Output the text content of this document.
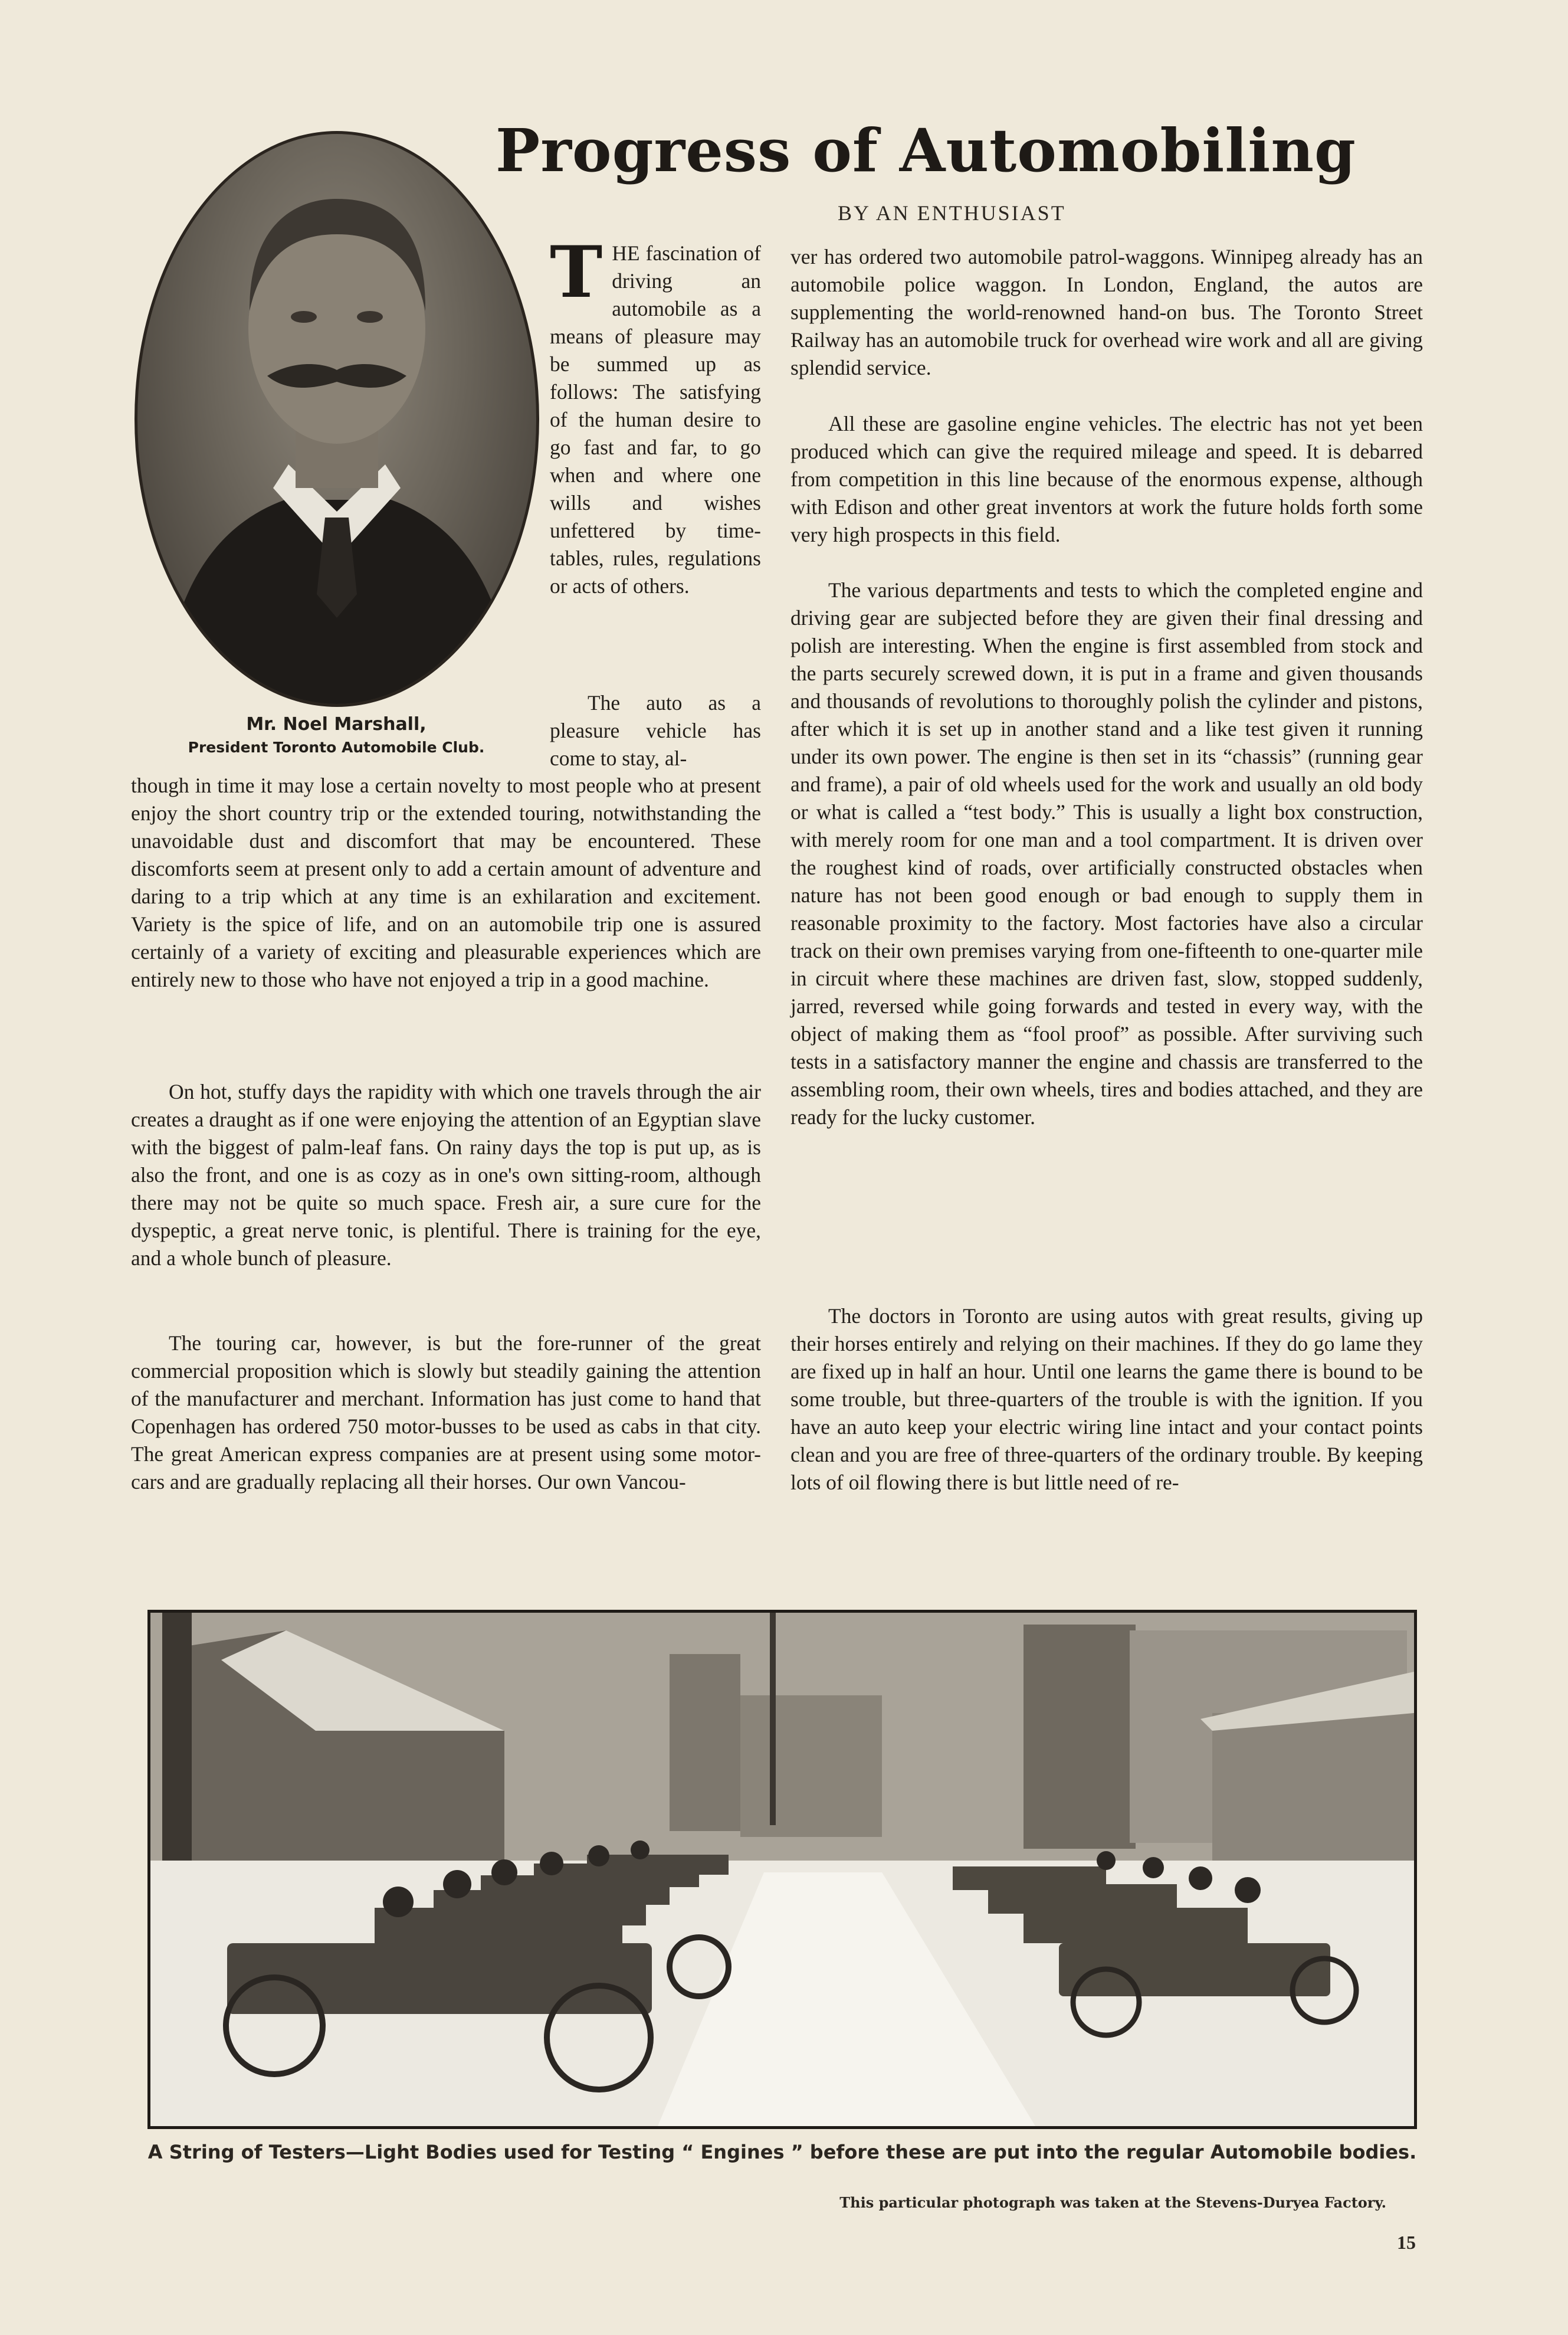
Progress of Automobiling
BY AN ENTHUSIAST
Mr. Noel Marshall,
President Toronto Automobile Club.

THE fascination of driving an automobile as a means of pleasure may be summed up as follows: The satisfying of the human desire to go fast and far, to go when and where one wills and wishes unfettered by time-tables, rules, regulations or acts of others.

The auto as a pleasure vehicle has come to stay, al-

though in time it may lose a certain novelty to most people who at present enjoy the short country trip or the extended touring, notwithstanding the unavoidable dust and discomfort that may be encountered. These discomforts seem at present only to add a certain amount of adventure and daring to a trip which at any time is an exhilaration and excitement. Variety is the spice of life, and on an automobile trip one is assured certainly of a variety of exciting and pleasurable experiences which are entirely new to those who have not enjoyed a trip in a good machine.

On hot, stuffy days the rapidity with which one travels through the air creates a draught as if one were enjoying the attention of an Egyptian slave with the biggest of palm-leaf fans. On rainy days the top is put up, as is also the front, and one is as cozy as in one's own sitting-room, although there may not be quite so much space. Fresh air, a sure cure for the dyspeptic, a great nerve tonic, is plentiful. There is training for the eye, and a whole bunch of pleasure.

The touring car, however, is but the fore-runner of the great commercial proposition which is slowly but steadily gaining the attention of the manufacturer and merchant. Information has just come to hand that Copenhagen has ordered 750 motor-busses to be used as cabs in that city. The great American express companies are at present using some motor-cars and are gradually replacing all their horses. Our own Vancou-

ver has ordered two automobile patrol-waggons. Winnipeg already has an automobile police waggon. In London, England, the autos are supplementing the world-renowned hand-on bus. The Toronto Street Railway has an automobile truck for overhead wire work and all are giving splendid service.

All these are gasoline engine vehicles. The electric has not yet been produced which can give the required mileage and speed. It is debarred from competition in this line because of the enormous expense, although with Edison and other great inventors at work the future holds forth some very high prospects in this field.

The various departments and tests to which the completed engine and driving gear are subjected before they are given their final dressing and polish are interesting. When the engine is first assembled from stock and the parts securely screwed down, it is put in a frame and given thousands and thousands of revolutions to thoroughly polish the cylinder and pistons, after which it is set up in another stand and a like test given it running under its own power. The engine is then set in its “chassis” (running gear and frame), a pair of old wheels used for the work and usually an old body or what is called a “test body.” This is usually a light box construction, with merely room for one man and a tool compartment. It is driven over the roughest kind of roads, over artificially constructed obstacles when nature has not been good enough or bad enough to supply them in reasonable proximity to the factory. Most factories have also a circular track on their own premises varying from one-fifteenth to one-quarter mile in circuit where these machines are driven fast, slow, stopped suddenly, jarred, reversed while going forwards and tested in every way, with the object of making them as “fool proof” as possible. After surviving such tests in a satisfactory manner the engine and chassis are transferred to the assembling room, their own wheels, tires and bodies attached, and they are ready for the lucky customer.

The doctors in Toronto are using autos with great results, giving up their horses entirely and relying on their machines. If they do go lame they are fixed up in half an hour. Until one learns the game there is bound to be some trouble, but three-quarters of the trouble is with the ignition. If you have an auto keep your electric wiring line intact and your contact points clean and you are free of three-quarters of the ordinary trouble. By keeping lots of oil flowing there is but little need of re-

A String of Testers—Light Bodies used for Testing “ Engines ” before these are put into the regular Automobile bodies.
This particular photograph was taken at the Stevens-Duryea Factory.
15
